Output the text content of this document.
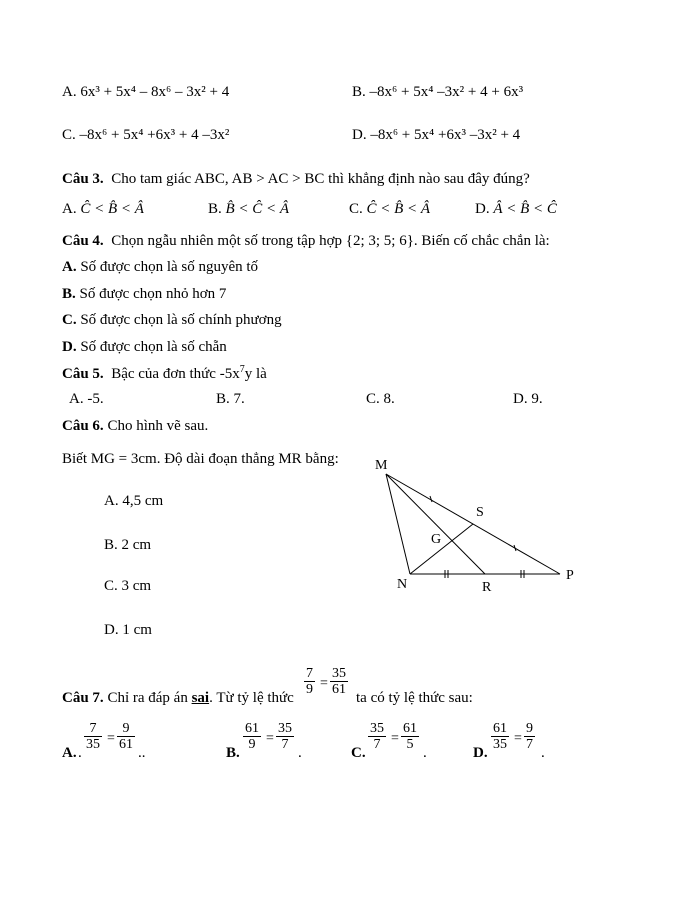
A. 6x³ + 5x⁴ – 8x⁶ – 3x² + 4	B. –8x⁶ + 5x⁴ –3x² + 4 + 6x³
C. –8x⁶ + 5x⁴ +6x³ + 4 –3x²	D. –8x⁶ + 5x⁴ +6x³ –3x² + 4
Câu 3. Cho tam giác ABC, AB > AC > BC thì khẳng định nào sau đây đúng?
A. Ĉ < B̂ < Â	B. B̂ < Ĉ < Â	C. Ĉ < B̂ < Â	D. Â < B̂ < Ĉ
Câu 4. Chọn ngẫu nhiên một số trong tập hợp {2; 3; 5; 6}. Biến cố chắc chắn là:
A. Số được chọn là số nguyên tố
B. Số được chọn nhỏ hơn 7
C. Số được chọn là số chính phương
D. Số được chọn là số chẵn
Câu 5. Bậc của đơn thức $-5x^7y$ là
A. -5.	B. 7.	C. 8.	D. 9.
Câu 6. Cho hình vẽ sau.
Biết MG = 3cm. Độ dài đoạn thẳng MR bằng:
A. 4,5 cm
B. 2 cm
C. 3 cm
D. 1 cm
M
S
G
N	R
P
Câu 7. Chỉ ra đáp án sai. Từ tỷ lệ thức
$\frac{7}{9} = \frac{35}{61}$
ta có tỷ lệ thức sau:
A. .
$\frac{7}{35} = \frac{9}{61}$
..	B.
$\frac{61}{9} = \frac{35}{7}$
.	C.
$\frac{35}{7} = \frac{61}{5}$
.	D.
$\frac{61}{35} = \frac{9}{7}$
.
